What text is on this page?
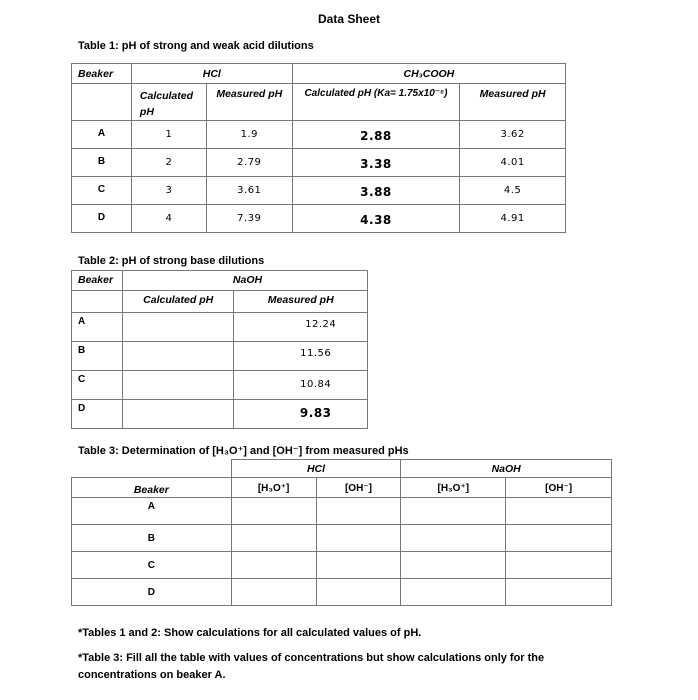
Data Sheet
Table 1: pH of strong and weak acid dilutions
Beaker	HCl		CH₃COOH	
	Calculated pH	Measured pH	Calculated pH (Ka= 1.75x10⁻⁵)	Measured pH
A	1	1.9	2.88	3.62
B	2	2.79	3.38	4.01
C	3	3.61	3.88	4.5
D	4	7.39	4.38	4.91
Table 2: pH of strong base dilutions
Beaker	NaOH	
	Calculated pH	Measured pH
A		12.24
B		11.56
C		10.84
D		9.83
Table 3: Determination of [H₃O⁺] and [OH⁻] from measured pHs
	HCl		NaOH	
Beaker	[H₃O⁺]	[OH⁻]	[H₃O⁺]	[OH⁻]
A				
B				
C				
D				
*Tables 1 and 2: Show calculations for all calculated values of pH.
*Table 3: Fill all the table with values of concentrations but show calculations only for the concentrations on beaker A.
